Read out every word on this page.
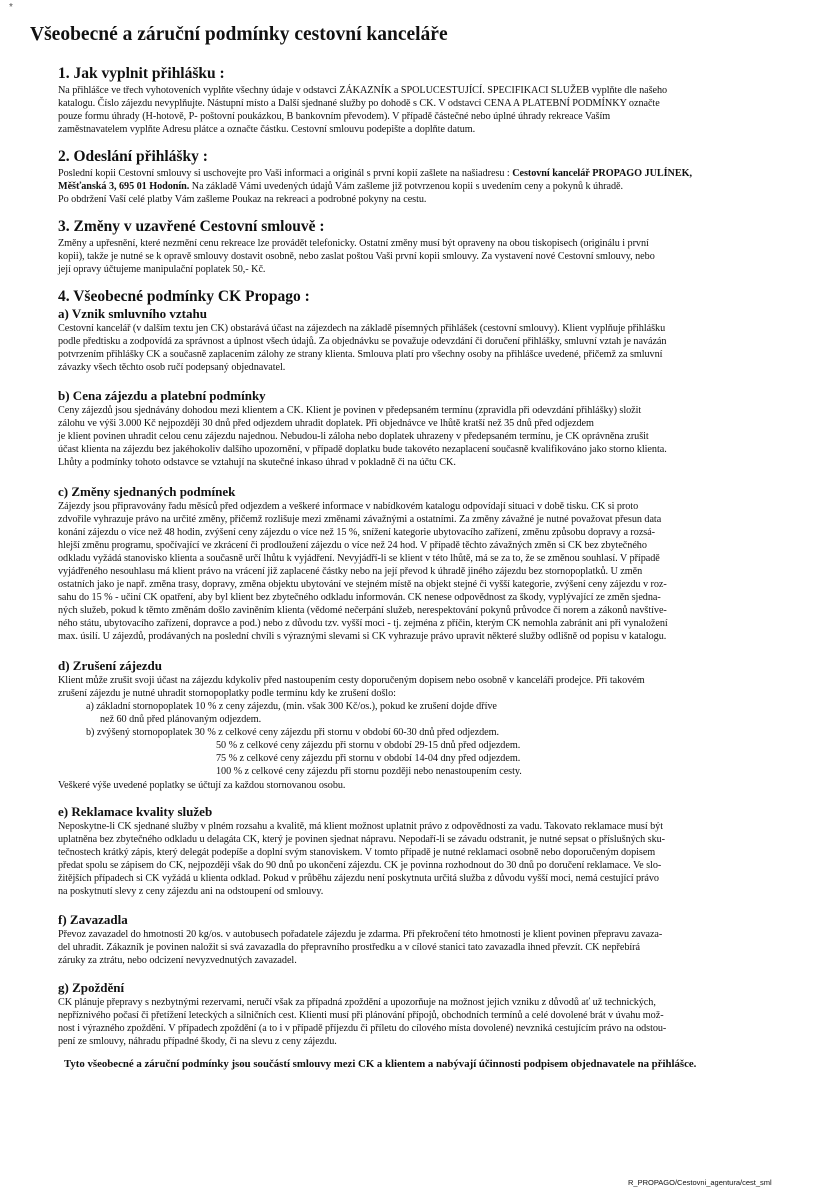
*
Všeobecné a záruční podmínky cestovní kanceláře
1. Jak vyplnit přihlášku :
Na přihlášce ve třech vyhotoveních vyplňte všechny údaje v odstavci ZÁKAZNÍK a SPOLUCESTUJÍCÍ. SPECIFIKACI SLUŽEB vyplňte dle našeho
katalogu. Číslo zájezdu nevyplňujte. Nástupní místo a Další sjednané služby po dohodě s CK. V odstavci CENA A PLATEBNÍ PODMÍNKY označte
pouze formu úhrady (H-hotově, P- poštovní poukázkou, B bankovním převodem). V případě částečné nebo úplné úhrady rekreace Vaším
zaměstnavatelem vyplňte Adresu plátce a označte částku. Cestovní smlouvu podepište a doplňte datum.
2. Odeslání přihlášky :
Poslední kopii Cestovní smlouvy si uschovejte pro Vaši informaci a originál s první kopií zašlete na našiadresu : Cestovní kancelář PROPAGO JULÍNEK,
Měšťanská 3, 695 01 Hodonín. Na základě Vámi uvedených údajů Vám zašleme již potvrzenou kopii s uvedením ceny a pokynů k úhradě.
Po obdržení Vaší celé platby Vám zašleme Poukaz na rekreaci a podrobné pokyny na cestu.
3. Změny v uzavřené Cestovní smlouvě :
Změny a upřesnění, které nezmění cenu rekreace lze provádět telefonicky. Ostatní změny musí být opraveny na obou tiskopisech (originálu i první
kopii), takže je nutné se k opravě smlouvy dostavit osobně, nebo zaslat poštou Vaši první kopii smlouvy. Za vystavení nové Cestovní smlouvy, nebo
její opravy účtujeme manipulační poplatek 50,- Kč.
4. Všeobecné podmínky CK Propago :
a) Vznik smluvního vztahu
Cestovní kancelář (v dalším textu jen CK) obstarává účast na zájezdech na základě písemných přihlášek (cestovní smlouvy). Klient vyplňuje přihlášku
podle předtisku a zodpovídá za správnost a úplnost všech údajů. Za objednávku se považuje odevzdání či doručení přihlášky, smluvní vztah je navázán
potvrzením přihlášky CK a současně zaplacením zálohy ze strany klienta. Smlouva platí pro všechny osoby na přihlášce uvedené, přičemž za smluvní
závazky všech těchto osob ručí podepsaný objednavatel.
b) Cena zájezdu a platební podmínky
Ceny zájezdů jsou sjednávány dohodou mezi klientem a CK. Klient je povinen v předepsaném termínu (zpravidla při odevzdání přihlášky) složit
zálohu ve výši 3.000 Kč nejpozději 30 dnů před odjezdem uhradit doplatek. Při objednávce ve lhůtě kratší než 35 dnů před odjezdem
je klient povinen uhradit celou cenu zájezdu najednou. Nebudou-li záloha nebo doplatek uhrazeny v předepsaném termínu, je CK oprávněna zrušit
účast klienta na zájezdu bez jakéhokoliv dalšího upozornění, v případě doplatku bude takovéto nezaplacení současně kvalifikováno jako storno klienta.
Lhůty a podmínky tohoto odstavce se vztahují na skutečné inkaso úhrad v pokladně či na účtu CK.
c) Změny sjednaných podmínek
Zájezdy jsou připravovány řadu měsíců před odjezdem a veškeré informace v nabídkovém katalogu odpovídají situaci v době tisku. CK si proto
zdvořile vyhrazuje právo na určité změny, přičemž rozlišuje mezi změnami závažnými a ostatními. Za změny závažné je nutné považovat přesun data
konání zájezdu o více než 48 hodin, zvýšení ceny zájezdu o více než 15 %, snížení kategorie ubytovacího zařízení, změnu způsobu dopravy a rozsá-
hlejší změnu programu, spočívající ve zkrácení či prodloužení zájezdu o více než 24 hod. V případě těchto závažných změn si CK bez zbytečného
odkladu vyžádá stanovisko klienta a současně určí lhůtu k vyjádření. Nevyjádří-li se klient v této lhůtě, má se za to, že se změnou souhlasí. V případě
vyjádřeného nesouhlasu má klient právo na vrácení již zaplacené částky nebo na její převod k úhradě jiného zájezdu bez stornopoplatků. U změn
ostatních jako je např. změna trasy, dopravy, změna objektu ubytování ve stejném místě na objekt stejné či vyšší kategorie, zvýšení ceny zájezdu v roz-
sahu do 15 % - učiní CK opatření, aby byl klient bez zbytečného odkladu informován. CK nenese odpovědnost za škody, vyplývající ze změn sjedna-
ných služeb, pokud k těmto změnám došlo zaviněním klienta (vědomé nečerpání služeb, nerespektování pokynů průvodce či norem a zákonů navštíve-
ného státu, ubytovacího zařízení, dopravce a pod.) nebo z důvodu tzv. vyšší moci - tj. zejména z příčin, kterým CK nemohla zabránit ani při vynaložení
max. úsilí. U zájezdů, prodávaných na poslední chvíli s výraznými slevami si CK vyhrazuje právo upravit některé služby odlišně od popisu v katalogu.
d) Zrušení zájezdu
Klient může zrušit svoji účast na zájezdu kdykoliv před nastoupením cesty doporučeným dopisem nebo osobně v kanceláři prodejce. Při takovém
zrušení zájezdu je nutné uhradit stornopoplatky podle termínu kdy ke zrušení došlo:
a) základní stornopoplatek 10 % z ceny zájezdu, (min. však 300 Kč/os.), pokud ke zrušení dojde dříve
než 60 dnů před plánovaným odjezdem.
b) zvýšený stornopoplatek 30 % z celkové ceny zájezdu při stornu v období 60-30 dnů před odjezdem.
50 % z celkové ceny zájezdu při stornu v období 29-15 dnů před odjezdem.
75 % z celkové ceny zájezdu při stornu v období 14-04 dny před odjezdem.
100 % z celkové ceny zájezdu při stornu později nebo nenastoupením cesty.
Veškeré výše uvedené poplatky se účtují za každou stornovanou osobu.
e) Reklamace kvality služeb
Neposkytne-li CK sjednané služby v plném rozsahu a kvalitě, má klient možnost uplatnit právo z odpovědnosti za vadu. Takovato reklamace musí být
uplatněna bez zbytečného odkladu u delagáta CK, který je povinen sjednat nápravu. Nepodaří-li se závadu odstranit, je nutné sepsat o příslušných sku-
tečnostech krátký zápis, který delegát podepíše a doplní svým stanoviskem. V tomto případě je nutné reklamaci osobně nebo doporučeným dopisem
předat spolu se zápisem do CK, nejpozději však do 90 dnů po ukončení zájezdu. CK je povinna rozhodnout do 30 dnů po doručení reklamace. Ve slo-
žitějších případech si CK vyžádá u klienta odklad. Pokud v průběhu zájezdu není poskytnuta určitá služba z důvodu vyšší moci, nemá cestující právo
na poskytnutí slevy z ceny zájezdu ani na odstoupení od smlouvy.
f) Zavazadla
Převoz zavazadel do hmotnosti 20 kg/os. v autobusech pořadatele zájezdu je zdarma. Při překročení této hmotnosti je klient povinen přepravu zavaza-
del uhradit. Zákazník je povinen naložit si svá zavazadla do přepravního prostředku a v cílové stanici tato zavazadla ihned převzít. CK nepřebírá
záruky za ztrátu, nebo odcizení nevyzvednutých zavazadel.
g) Zpoždění
CK plánuje přepravy s nezbytnými rezervami, neručí však za případná zpoždění a upozorňuje na možnost jejich vzniku z důvodů ať už technických,
nepříznivého počasí či přetížení leteckých a silničních cest. Klienti musí při plánování přípojů, obchodních termínů a celé dovolené brát v úvahu mož-
nost i výrazného zpoždění. V případech zpoždění (a to i v případě příjezdu či příletu do cílového místa dovolené) nevzniká cestujícím právo na odstou-
pení ze smlouvy, náhradu případné škody, či na slevu z ceny zájezdu.
Tyto všeobecné a záruční podmínky jsou součástí smlouvy mezi CK a klientem a nabývají účinnosti podpisem objednavatele na přihlášce.
R_PROPAGO/Cestovni_agentura/cest_sml
